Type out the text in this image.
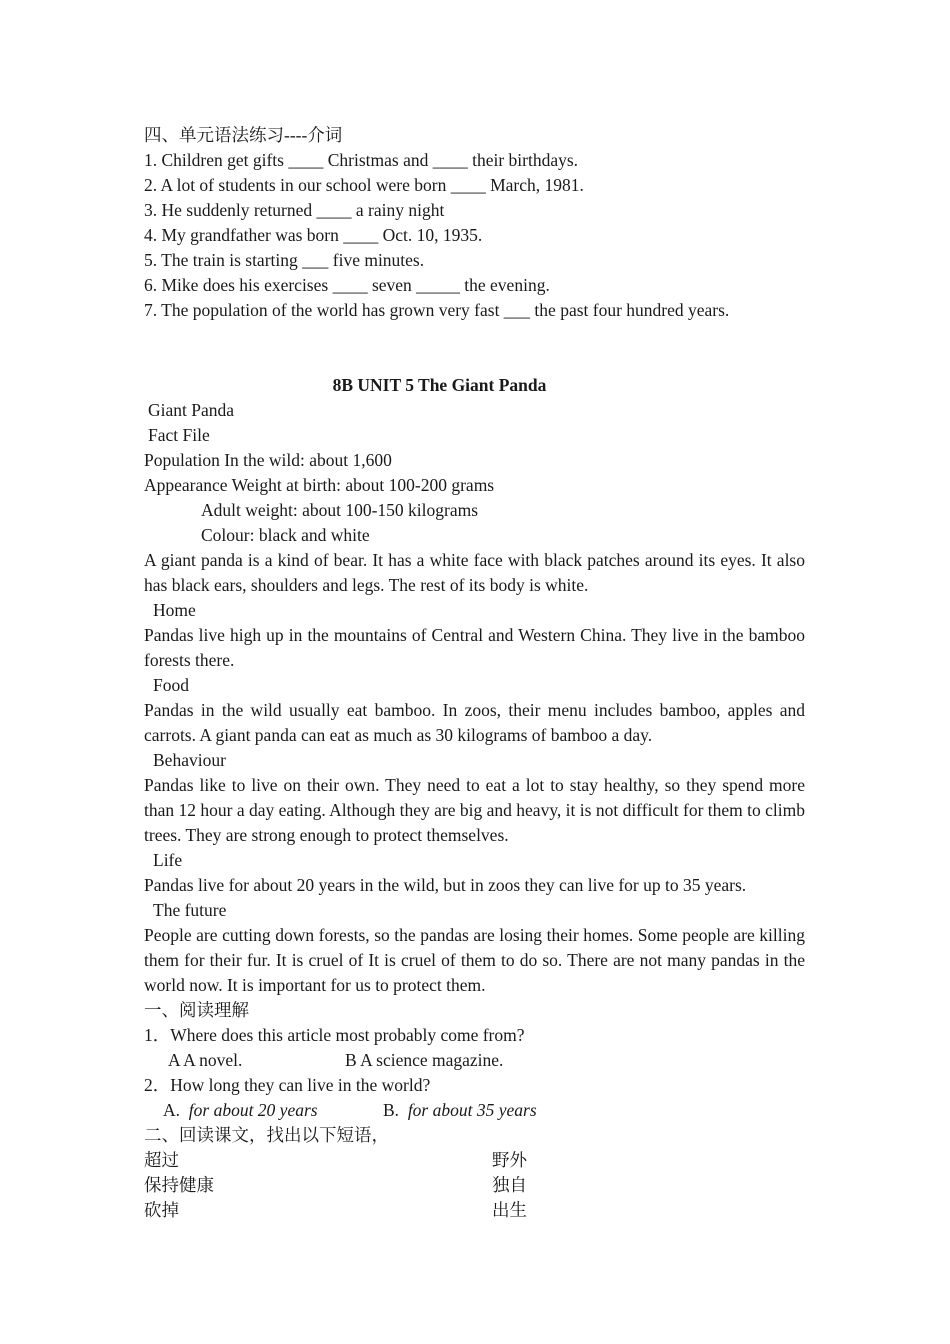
四、单元语法练习----介词
1. Children get gifts ____ Christmas and ____ their birthdays.
2. A lot of students in our school were born ____ March, 1981.
3. He suddenly returned ____ a rainy night
4. My grandfather was born ____ Oct. 10, 1935.
5. The train is starting ___ five minutes.
6. Mike does his exercises ____ seven _____ the evening.
7. The population of the world has grown very fast ___ the past four hundred years.
8B UNIT 5 The Giant Panda
Giant Panda
Fact File
Population In the wild: about 1,600
Appearance Weight at birth: about 100-200 grams
Adult weight: about 100-150 kilograms
Colour: black and white
A giant panda is a kind of bear. It has a white face with black patches around its eyes. It also has black ears, shoulders and legs. The rest of its body is white.
Home
Pandas live high up in the mountains of Central and Western China. They live in the bamboo forests there.
Food
Pandas in the wild usually eat bamboo. In zoos, their menu includes bamboo, apples and carrots. A giant panda can eat as much as 30 kilograms of bamboo a day.
Behaviour
Pandas like to live on their own. They need to eat a lot to stay healthy, so they spend more than 12 hour a day eating. Although they are big and heavy, it is not difficult for them to climb trees. They are strong enough to protect themselves.
Life
Pandas live for about 20 years in the wild, but in zoos they can live for up to 35 years.
The future
People are cutting down forests, so the pandas are losing their homes. Some people are killing them for their fur. It is cruel of It is cruel of them to do so. There are not many pandas in the world now. It is important for us to protect them.
一、阅读理解
1．Where does this article most probably come from?
A A novel.	B A science magazine.
2．How long they can live in the world?
A. for about 20 years	B. for about 35 years
二、回读课文，找出以下短语，
超过	野外
保持健康	独自
砍掉	出生
